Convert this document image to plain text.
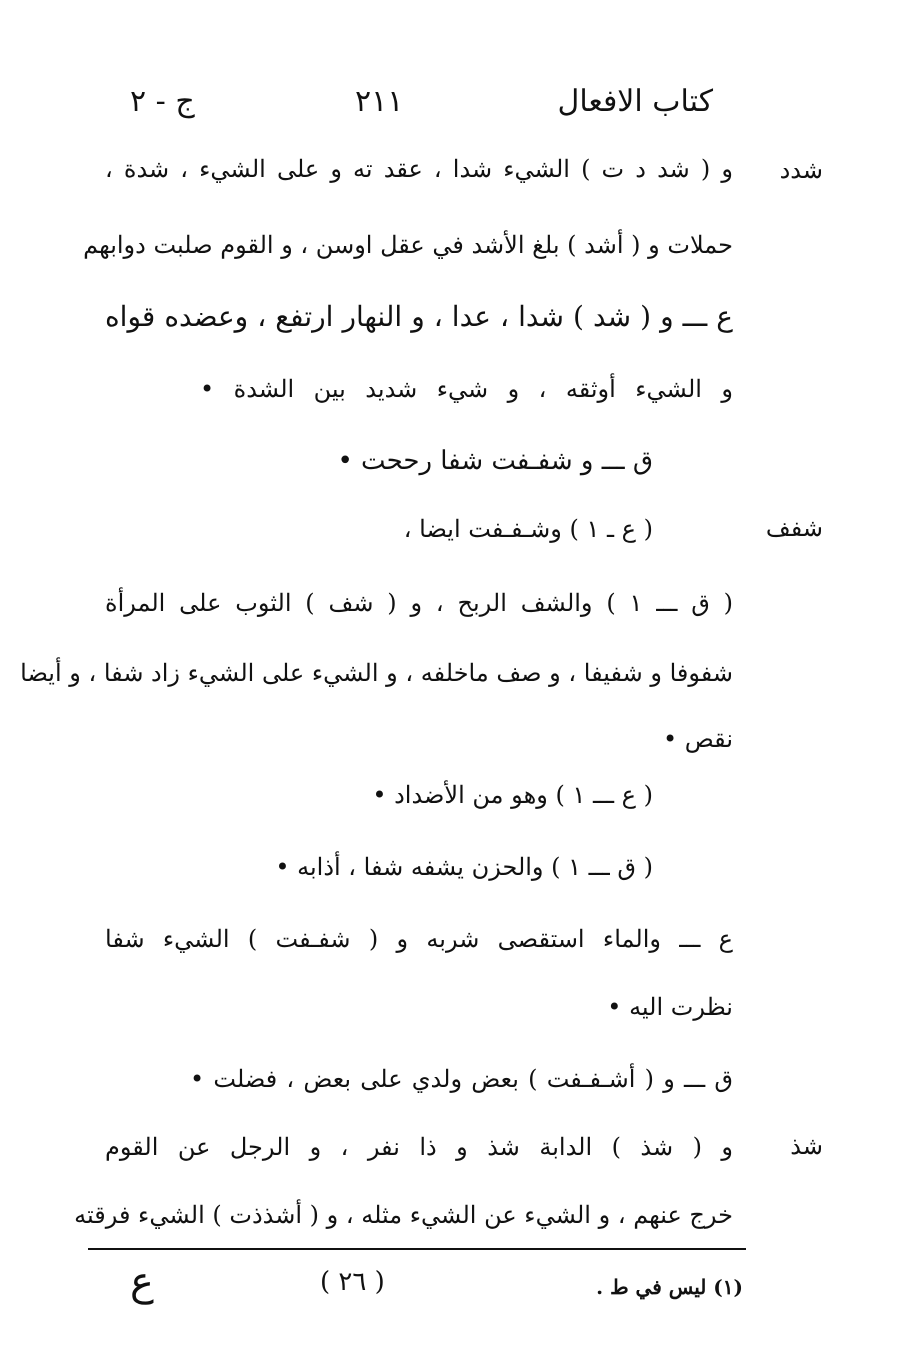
كتاب الافعال
٢١١
ج - ٢
شدد
شفف
شذ
و ( شد د ت ) الشيء شدا ، عقد ته و على الشيء ، شدة ،
حملات و ( أشد ) بلغ الأشد في عقل اوسن ، و القوم صلبت دوابهم
ع ـــ و ( شد ) شدا ، عدا ، و النهار ارتفع ، وعضده قواه
و الشيء أوثقه ، و شيء شديد بين الشدة •
ق ـــ و شفـفت شفا رححت •
( ع ـ ١ ) وشـفـفت ايضا ،
( ق ـــ ١ ) والشف الربح ، و ( شف ) الثوب على المرأة
شفوفا و شفيفا ، و صف ماخلفه ، و الشيء على الشيء زاد شفا ، و أيضا
نقص •
( ع ـــ ١ ) وهو من الأضداد •
( ق ـــ ١ ) والحزن يشفه شفا ، أذابه •
ع ـــ والماء استقصى شربه و ( شفـفت ) الشيء شفا
نظرت اليه •
ق ـــ و ( أشـفـفت ) بعض ولدي على بعض ، فضلت •
و ( شذ ) الدابة شذ و ذا نفر ، و الرجل عن القوم
خرج عنهم ، و الشيء عن الشيء مثله ، و ( أشذذت ) الشيء فرقته
(١) ليس في ط .
( ٢٦ )
ع
